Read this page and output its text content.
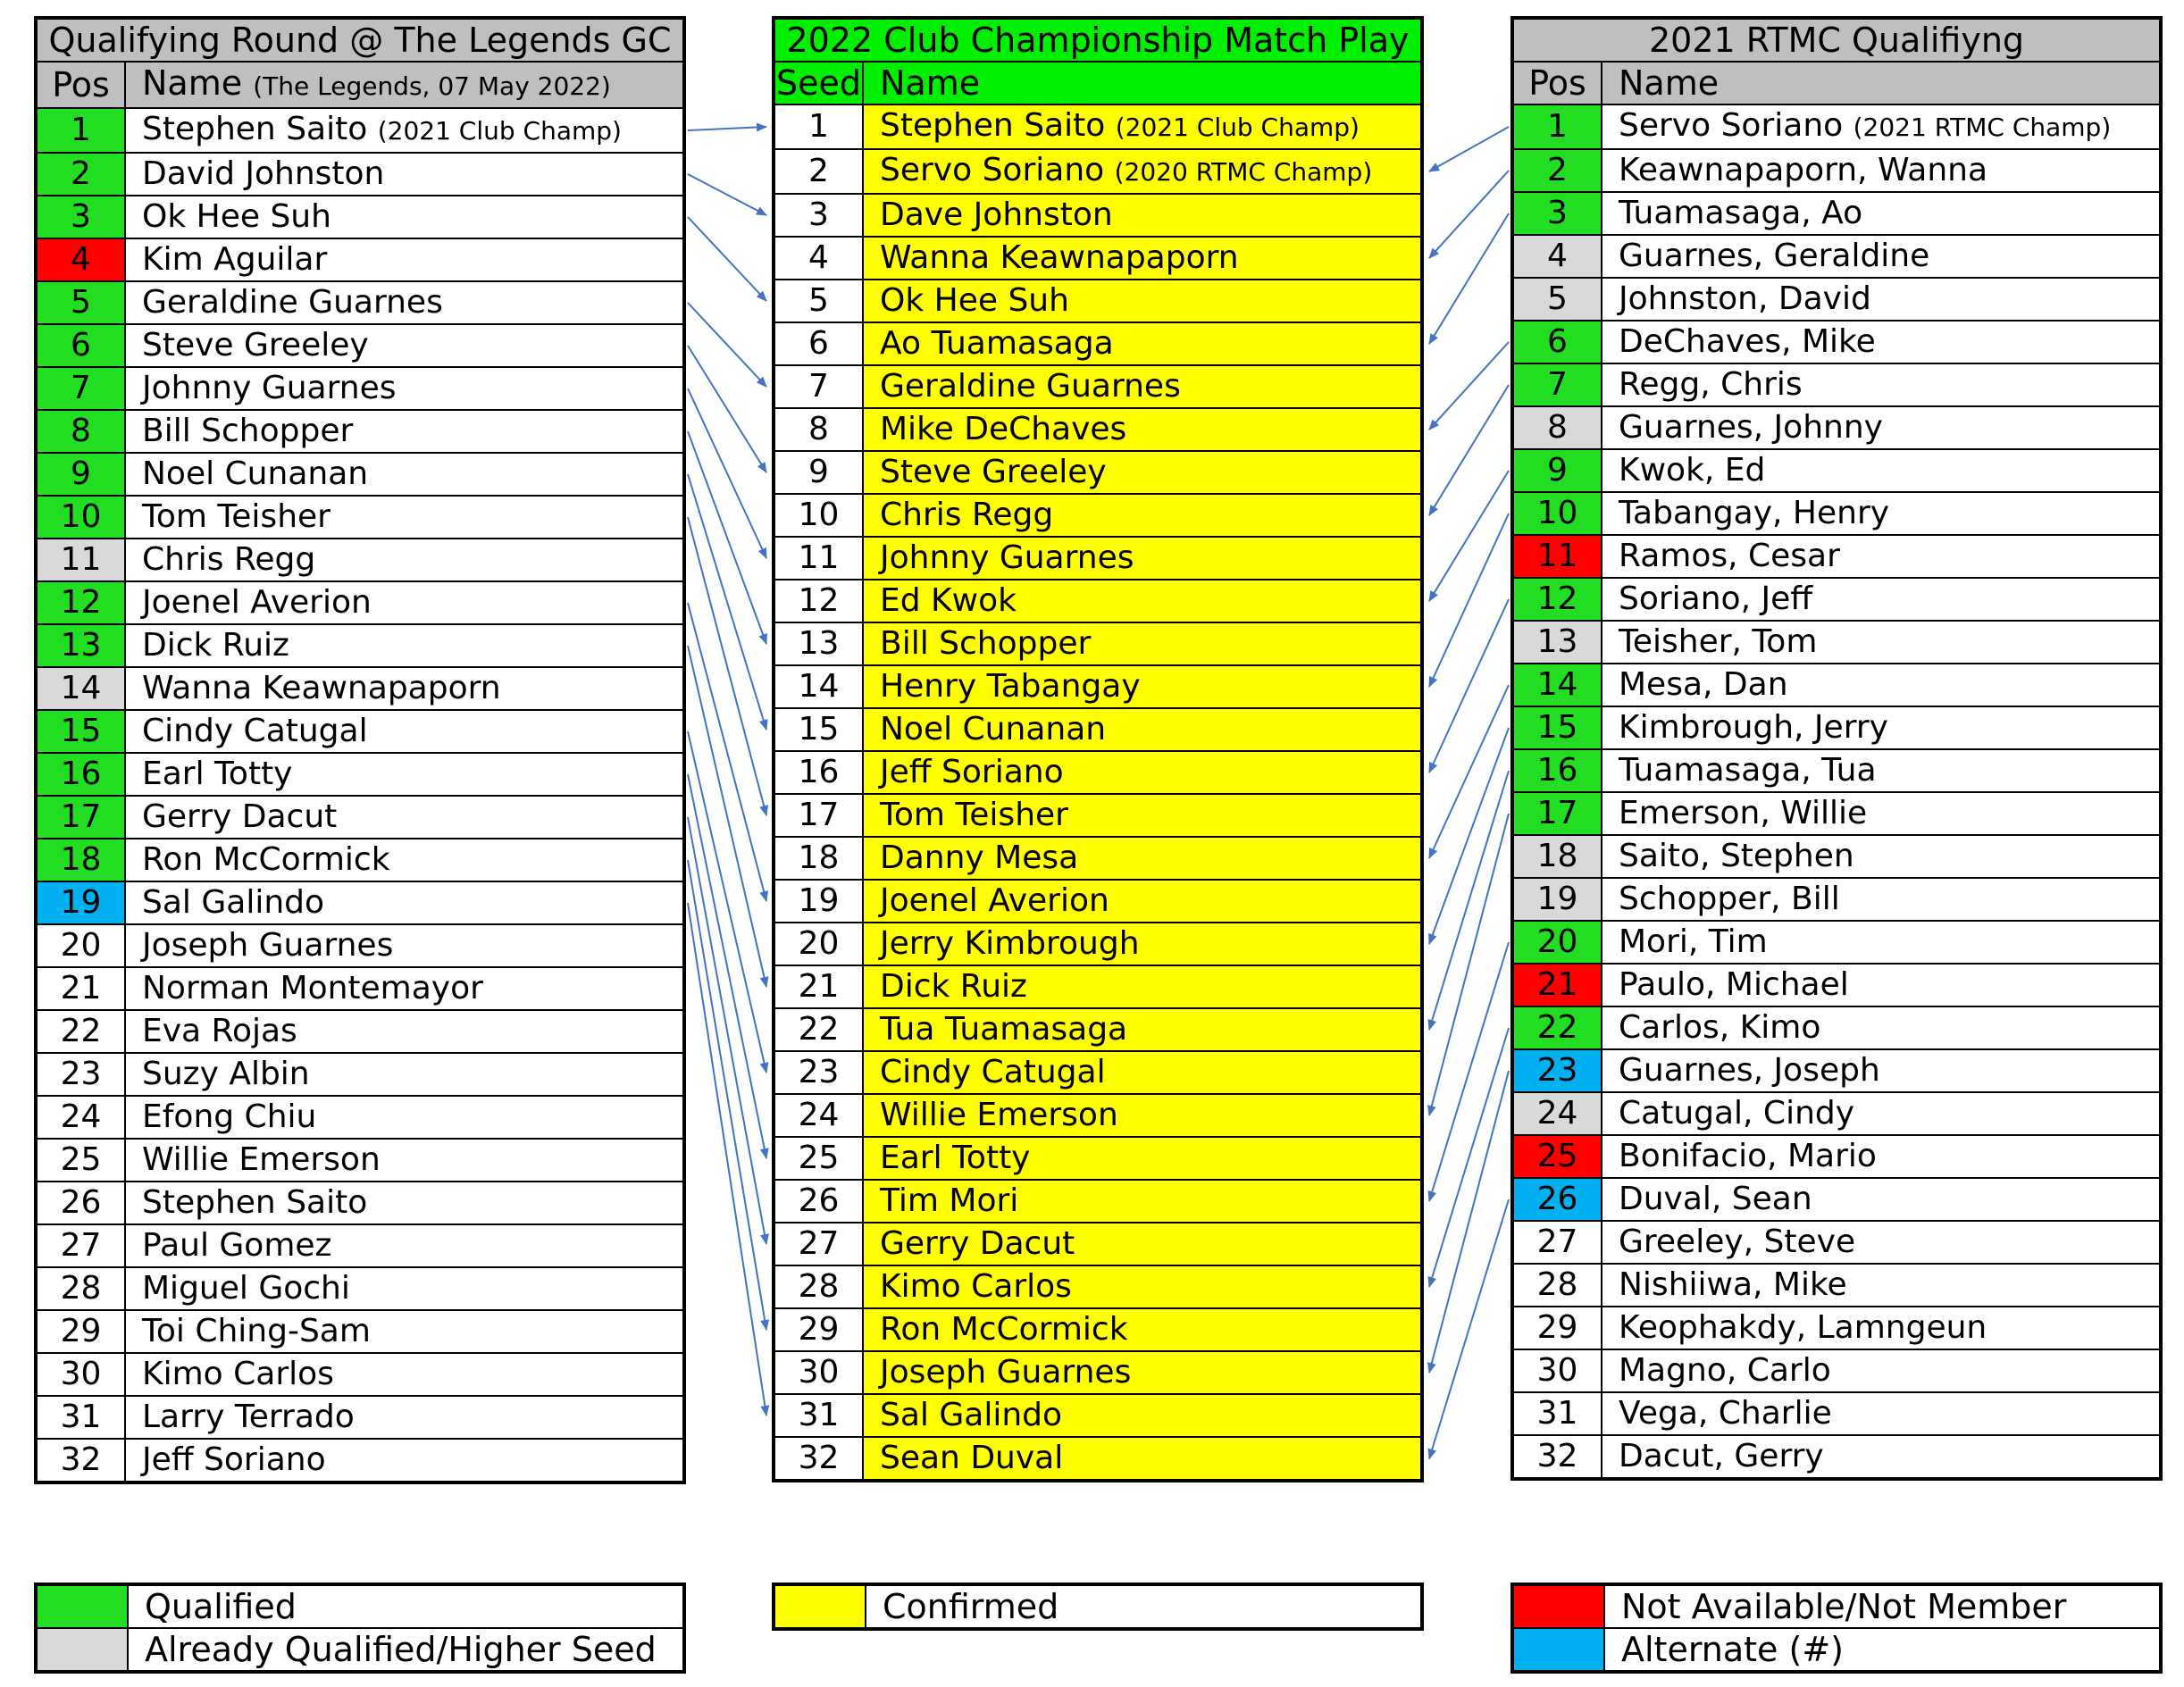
Qualifying Round @ The Legends GC	
Pos	Name (The Legends, 07 May 2022)
1	Stephen Saito (2021 Club Champ)
2	David Johnston
3	Ok Hee Suh
4	Kim Aguilar
5	Geraldine Guarnes
6	Steve Greeley
7	Johnny Guarnes
8	Bill Schopper
9	Noel Cunanan
10	Tom Teisher
11	Chris Regg
12	Joenel Averion
13	Dick Ruiz
14	Wanna Keawnapaporn
15	Cindy Catugal
16	Earl Totty
17	Gerry Dacut
18	Ron McCormick
19	Sal Galindo
20	Joseph Guarnes
21	Norman Montemayor
22	Eva Rojas
23	Suzy Albin
24	Efong Chiu
25	Willie Emerson
26	Stephen Saito
27	Paul Gomez
28	Miguel Gochi
29	Toi Ching-Sam
30	Kimo Carlos
31	Larry Terrado
32	Jeff Soriano
2022 Club Championship Match Play	
Seed	Name
1	Stephen Saito (2021 Club Champ)
2	Servo Soriano (2020 RTMC Champ)
3	Dave Johnston
4	Wanna Keawnapaporn
5	Ok Hee Suh
6	Ao Tuamasaga
7	Geraldine Guarnes
8	Mike DeChaves
9	Steve Greeley
10	Chris Regg
11	Johnny Guarnes
12	Ed Kwok
13	Bill Schopper
14	Henry Tabangay
15	Noel Cunanan
16	Jeff Soriano
17	Tom Teisher
18	Danny Mesa
19	Joenel Averion
20	Jerry Kimbrough
21	Dick Ruiz
22	Tua Tuamasaga
23	Cindy Catugal
24	Willie Emerson
25	Earl Totty
26	Tim Mori
27	Gerry Dacut
28	Kimo Carlos
29	Ron McCormick
30	Joseph Guarnes
31	Sal Galindo
32	Sean Duval
2021 RTMC Qualifiyng	
Pos	Name
1	Servo Soriano (2021 RTMC Champ)
2	Keawnapaporn, Wanna
3	Tuamasaga, Ao
4	Guarnes, Geraldine
5	Johnston, David
6	DeChaves, Mike
7	Regg, Chris
8	Guarnes, Johnny
9	Kwok, Ed
10	Tabangay, Henry
11	Ramos, Cesar
12	Soriano, Jeff
13	Teisher, Tom
14	Mesa, Dan
15	Kimbrough, Jerry
16	Tuamasaga, Tua
17	Emerson, Willie
18	Saito, Stephen
19	Schopper, Bill
20	Mori, Tim
21	Paulo, Michael
22	Carlos, Kimo
23	Guarnes, Joseph
24	Catugal, Cindy
25	Bonifacio, Mario
26	Duval, Sean
27	Greeley, Steve
28	Nishiiwa, Mike
29	Keophakdy, Lamngeun
30	Magno, Carlo
31	Vega, Charlie
32	Dacut, Gerry
	Qualified
	Already Qualified/Higher Seed
	Confirmed
		Not Available/Not Member
	Alternate (#)
